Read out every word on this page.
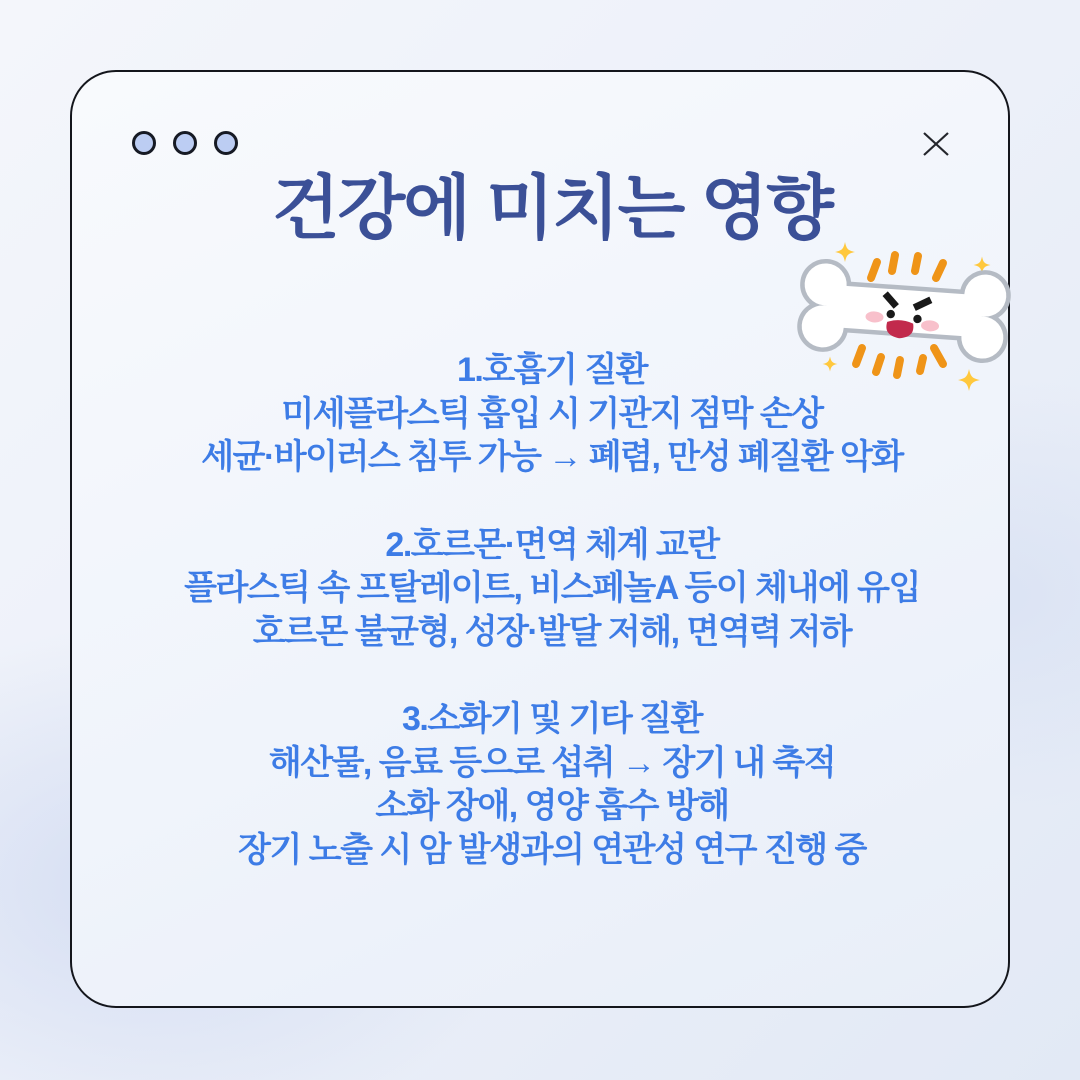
건강에 미치는 영향
1.호흡기 질환
미세플라스틱 흡입 시 기관지 점막 손상
세균·바이러스 침투 가능 → 폐렴, 만성 폐질환 악화
2.호르몬·면역 체계 교란
플라스틱 속 프탈레이트, 비스페놀A 등이 체내에 유입
호르몬 불균형, 성장·발달 저해, 면역력 저하
3.소화기 및 기타 질환
해산물, 음료 등으로 섭취 → 장기 내 축적
소화 장애, 영양 흡수 방해
장기 노출 시 암 발생과의 연관성 연구 진행 중
